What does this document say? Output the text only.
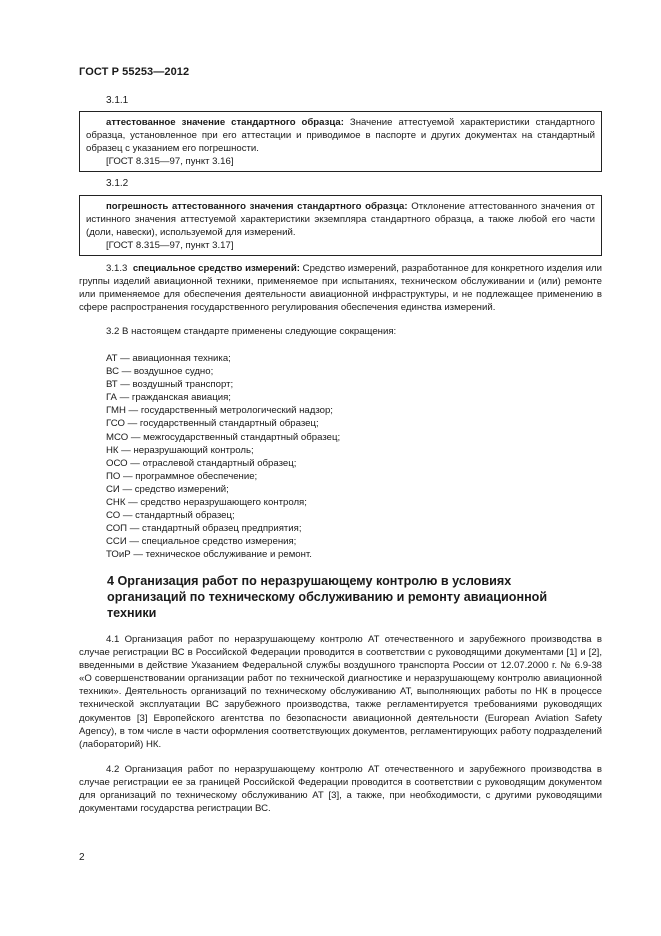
ГОСТ Р 55253—2012
3.1.1
аттестованное значение стандартного образца: Значение аттестуемой характеристики стандартного образца, установленное при его аттестации и приводимое в паспорте и других документах на стандартный образец с указанием его погрешности.
[ГОСТ 8.315—97, пункт 3.16]
3.1.2
погрешность аттестованного значения стандартного образца: Отклонение аттестованного значения от истинного значения аттестуемой характеристики экземпляра стандартного образца, а также любой его части (доли, навески), используемой для измерений.
[ГОСТ 8.315—97, пункт 3.17]
3.1.3 специальное средство измерений: Средство измерений, разработанное для конкретного изделия или группы изделий авиационной техники, применяемое при испытаниях, техническом обслуживании и (или) ремонте или применяемое для обеспечения деятельности авиационной инфраструктуры, и не подлежащее применению в сфере распространения государственного регулирования обеспечения единства измерений.
3.2 В настоящем стандарте применены следующие сокращения:
АТ — авиационная техника;
ВС — воздушное судно;
ВТ — воздушный транспорт;
ГА — гражданская авиация;
ГМН — государственный метрологический надзор;
ГСО — государственный стандартный образец;
МСО — межгосударственный стандартный образец;
НК — неразрушающий контроль;
ОСО — отраслевой стандартный образец;
ПО — программное обеспечение;
СИ — средство измерений;
СНК — средство неразрушающего контроля;
СО — стандартный образец;
СОП — стандартный образец предприятия;
ССИ — специальное средство измерения;
ТОиР — техническое обслуживание и ремонт.
4 Организация работ по неразрушающему контролю в условиях организаций по техническому обслуживанию и ремонту авиационной техники
4.1 Организация работ по неразрушающему контролю АТ отечественного и зарубежного производства в случае регистрации ВС в Российской Федерации проводится в соответствии с руководящими документами [1] и [2], введенными в действие Указанием Федеральной службы воздушного транспорта России от 12.07.2000 г. № 6.9-38 «О совершенствовании организации работ по технической диагностике и неразрушающему контролю авиационной техники». Деятельность организаций по техническому обслуживанию АТ, выполняющих работы по НК в процессе технической эксплуатации ВС зарубежного производства, также регламентируется требованиями руководящих документов [3] Европейского агентства по безопасности авиационной деятельности (European Aviation Safety Agency), в том числе в части оформления соответствующих документов, регламентирующих работу подразделений (лабораторий) НК.
4.2 Организация работ по неразрушающему контролю АТ отечественного и зарубежного производства в случае регистрации ее за границей Российской Федерации проводится в соответствии с руководящим документом для организаций по техническому обслуживанию АТ [3], а также, при необходимости, с другими руководящими документами государства регистрации ВС.
2
